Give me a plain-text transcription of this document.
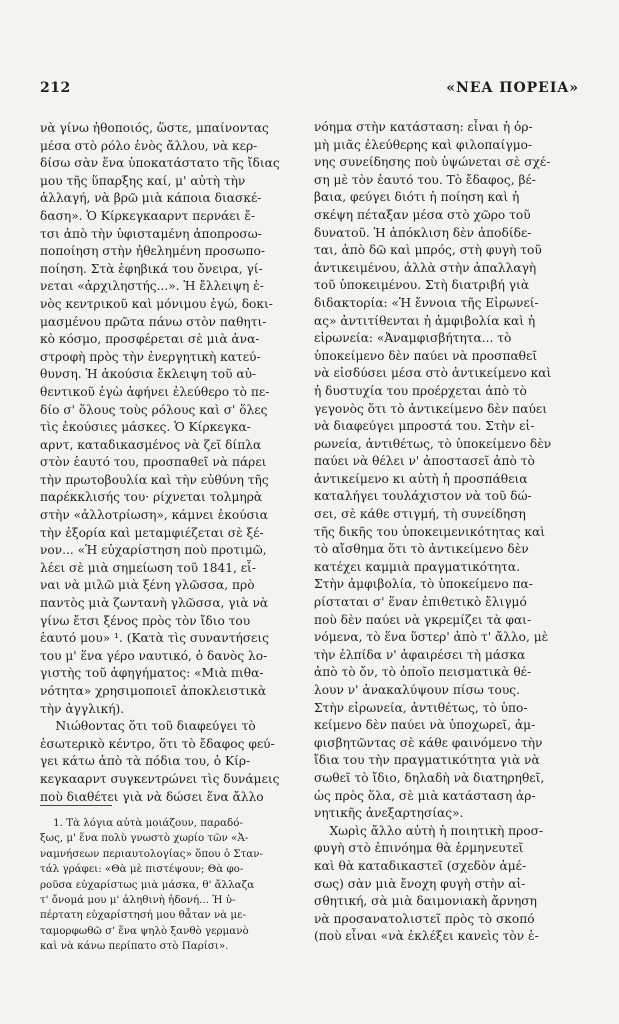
212	«ΝΕΑ ΠΟΡΕΙΑ»
νὰ γίνω ἠθοποιός, ὥστε, μπαίνοντας
μέσα στὸ ρόλο ἑνὸς ἄλλου, νὰ κερ-
δίσω σὰν ἕνα ὑποκατάστατο τῆς ἴδιας
μου τῆς ὕπαρξης καί, μ' αὐτὴ τὴν
ἀλλαγή, νὰ βρῶ μιὰ κάποια διασκέ-
δαση». Ὁ Κίρκεγκααρντ περνάει ἔ-
τσι ἀπὸ τὴν ὑφισταμένη ἀποπροσω-
ποποίηση στὴν ἠθελημένη προσωπο-
ποίηση. Στὰ ἐφηβικά του ὄνειρα, γί-
νεται «ἀρχιληστής...». Ἡ ἔλλειψη ἑ-
νὸς κεντρικοῦ καὶ μόνιμου ἐγώ, δοκι-
μασμένου πρῶτα πάνω στὸν παθητι-
κὸ κόσμο, προσφέρεται σὲ μιὰ ἀνα-
στροφὴ πρὸς τὴν ἐνεργητικὴ κατεύ-
θυνση. Ἡ ἀκούσια ἔκλειψη τοῦ αὐ-
θεντικοῦ ἐγὼ ἀφήνει ἐλεύθερο τὸ πε-
δίο σ' ὅλους τοὺς ρόλους καὶ σ' ὅλες
τὶς ἑκούσιες μάσκες. Ὁ Κίρκεγκα-
αρντ, καταδικασμένος νὰ ζεῖ δίπλα
στὸν ἑαυτό του, προσπαθεῖ νὰ πάρει
τὴν πρωτοβουλία καὶ τὴν εὐθύνη τῆς
παρέκκλισής του· ρίχνεται τολμηρὰ
στὴν «ἀλλοτρίωση», κάμνει ἑκούσια
τὴν ἐξορία καὶ μεταμφιέζεται σὲ ξέ-
νον... «Ἡ εὐχαρίστηση ποὺ προτιμῶ,
λέει σὲ μιὰ σημείωση τοῦ 1841, εἶ-
ναι νὰ μιλῶ μιὰ ξένη γλῶσσα, πρὸ
παντὸς μιὰ ζωντανὴ γλῶσσα, γιὰ νὰ
γίνω ἔτσι ξένος πρὸς τὸν ἴδιο του
ἑαυτό μου» ¹. (Κατὰ τὶς συναντήσεις
του μ' ἕνα γέρο ναυτικό, ὁ δανὸς λο-
γιστὴς τοῦ ἀφηγήματος: «Μιὰ πιθα-
νότητα» χρησιμοποιεῖ ἀποκλειστικὰ
τὴν ἀγγλική).
Νιώθοντας ὅτι τοῦ διαφεύγει τὸ
ἐσωτερικὸ κέντρο, ὅτι τὸ ἔδαφος φεύ-
γει κάτω ἀπὸ τὰ πόδια του, ὁ Κίρ-
κεγκααρντ συγκεντρώνει τὶς δυνάμεις
ποὺ διαθέτει γιὰ νὰ δώσει ἕνα ἄλλο
νόημα στὴν κατάσταση: εἶναι ἡ ὁρ-
μὴ μιᾶς ἐλεύθερης καὶ φιλοπαίγμο-
νης συνείδησης ποὺ ὑψώνεται σὲ σχέ-
ση μὲ τὸν ἑαυτό του. Τὸ ἔδαφος, βέ-
βαια, φεύγει διότι ἡ ποίηση καὶ ἡ
σκέψη πέταξαν μέσα στὸ χῶρο τοῦ
δυνατοῦ. Ἡ ἀπόκλιση δὲν ἀποδίδε-
ται, ἀπὸ δῶ καὶ μπρός, στὴ φυγὴ τοῦ
ἀντικειμένου, ἀλλὰ στὴν ἀπαλλαγὴ
τοῦ ὑποκειμένου. Στὴ διατριβή γιὰ
διδακτορία: «Ἡ ἔννοια τῆς Εἰρωνεί-
ας» ἀντιτίθενται ἡ ἀμφιβολία καὶ ἡ
εἰρωνεία: «Ἀναμφισβήτητα... τὸ
ὑποκείμενο δὲν παύει νὰ προσπαθεῖ
νὰ εἰσδύσει μέσα στὸ ἀντικείμενο καὶ
ἡ δυστυχία του προέρχεται ἀπὸ τὸ
γεγονὸς ὅτι τὸ ἀντικείμενο δὲν παύει
νὰ διαφεύγει μπροστά του. Στὴν εἰ-
ρωνεία, ἀντιθέτως, τὸ ὑποκείμενο δὲν
παύει νὰ θέλει ν' ἀποστασεῖ ἀπὸ τὸ
ἀντικείμενο κι αὐτὴ ἡ προσπάθεια
καταλήγει τουλάχιστον νὰ τοῦ δώ-
σει, σὲ κάθε στιγμή, τὴ συνείδηση
τῆς δικῆς του ὑποκειμενικότητας καὶ
τὸ αἴσθημα ὅτι τὸ ἀντικείμενο δὲν
κατέχει καμμιὰ πραγματικότητα.
Στὴν ἀμφιβολία, τὸ ὑποκείμενο πα-
ρίσταται σ' ἕναν ἐπιθετικὸ ἔλιγμό
ποὺ δὲν παύει νὰ γκρεμίζει τὰ φαι-
νόμενα, τὸ ἕνα ὕστερ' ἀπὸ τ' ἄλλο, μὲ
τὴν ἐλπίδα ν' ἀφαιρέσει τὴ μάσκα
ἀπὸ τὸ ὄν, τὸ ὁποῖο πεισματικὰ θέ-
λουν ν' ἀνακαλύψουν πίσω τους.
Στὴν εἰρωνεία, ἀντιθέτως, τὸ ὑπο-
κείμενο δὲν παύει νὰ ὑποχωρεῖ, ἀμ-
φισβητῶντας σὲ κάθε φαινόμενο τὴν
ἴδια του τὴν πραγματικότητα γιὰ νὰ
σωθεῖ τὸ ἴδιο, δηλαδὴ νὰ διατηρηθεῖ,
ὡς πρὸς ὅλα, σὲ μιὰ κατάσταση ἀρ-
νητικῆς ἀνεξαρτησίας».
Χωρὶς ἄλλο αὐτὴ ἡ ποιητικὴ προσ-
φυγὴ στὸ ἐπινόημα θὰ ἑρμηνευτεῖ
καὶ θὰ καταδικαστεῖ (σχεδὸν ἀμέ-
σως) σὰν μιὰ ἔνοχη φυγὴ στὴν αἰ-
σθητική, σὰ μιὰ δαιμονιακὴ ἄρνηση
νὰ προσανατολιστεῖ πρὸς τὸ σκοπό
(ποὺ εἶναι «νὰ ἐκλέξει κανεὶς τὸν ἑ-
1. Τὰ λόγια αὐτὰ μοιάζουν, παραδό-
ξως, μ' ἕνα πολὺ γνωστὸ χωρίο τῶν «Ἀ-
ναμνήσεων περιαυτολογίας» ὅπου ὁ Σταν-
τάλ γράφει: «Θὰ μὲ πιστέψουν; Θὰ φο-
ροῦσα εὐχαρίστως μιὰ μάσκα, θ' ἄλλαζα
τ' ὄνομά μου μ' ἀληθινὴ ἡδονή... Ἡ ὑ-
πέρτατη εὐχαρίστησή μου θἆταν νὰ με-
ταμορφωθῶ σ' ἕνα ψηλὸ ξανθὸ γερμανὸ
καὶ νὰ κάνω περίπατο στὸ Παρίσι».
